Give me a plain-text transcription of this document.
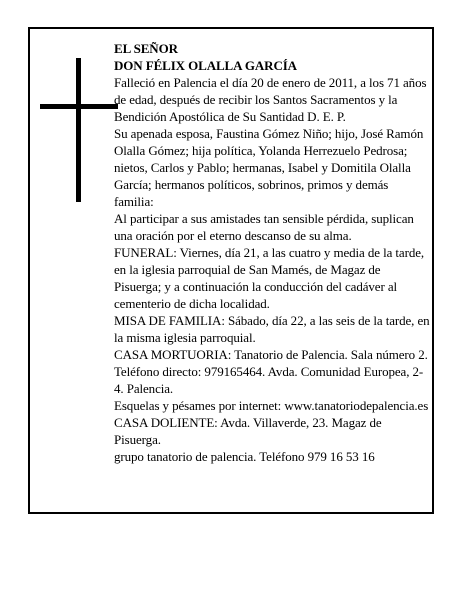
EL SEÑOR

DON FÉLIX OLALLA GARCÍA

Falleció en Palencia el día 20 de enero de 2011, a los 71 años de edad, después de recibir los Santos Sacramentos y la Bendición Apostólica de Su Santidad D. E. P.

Su apenada esposa, Faustina Gómez Niño; hijo, José Ramón Olalla Gómez; hija política, Yolanda Herrezuelo Pedrosa; nietos, Carlos y Pablo; hermanas, Isabel y Domitila Olalla García; hermanos políticos, sobrinos, primos y demás familia:

Al participar a sus amistades tan sensible pérdida, suplican una oración por el eterno descanso de su alma.

FUNERAL: Viernes, día 21, a las cuatro y media de la tarde, en la iglesia parroquial de San Mamés, de Magaz de Pisuerga; y a continuación la conducción del cadáver al cementerio de dicha localidad.

MISA DE FAMILIA: Sábado, día 22, a las seis de la tarde, en la misma iglesia parroquial.

CASA MORTUORIA: Tanatorio de Palencia. Sala número 2. Teléfono directo: 979165464. Avda. Comunidad Europea, 2-4. Palencia.

Esquelas y pésames por internet: www.tanatoriodepalencia.es

CASA DOLIENTE: Avda. Villaverde, 23. Magaz de Pisuerga.

grupo tanatorio de palencia. Teléfono 979 16 53 16
